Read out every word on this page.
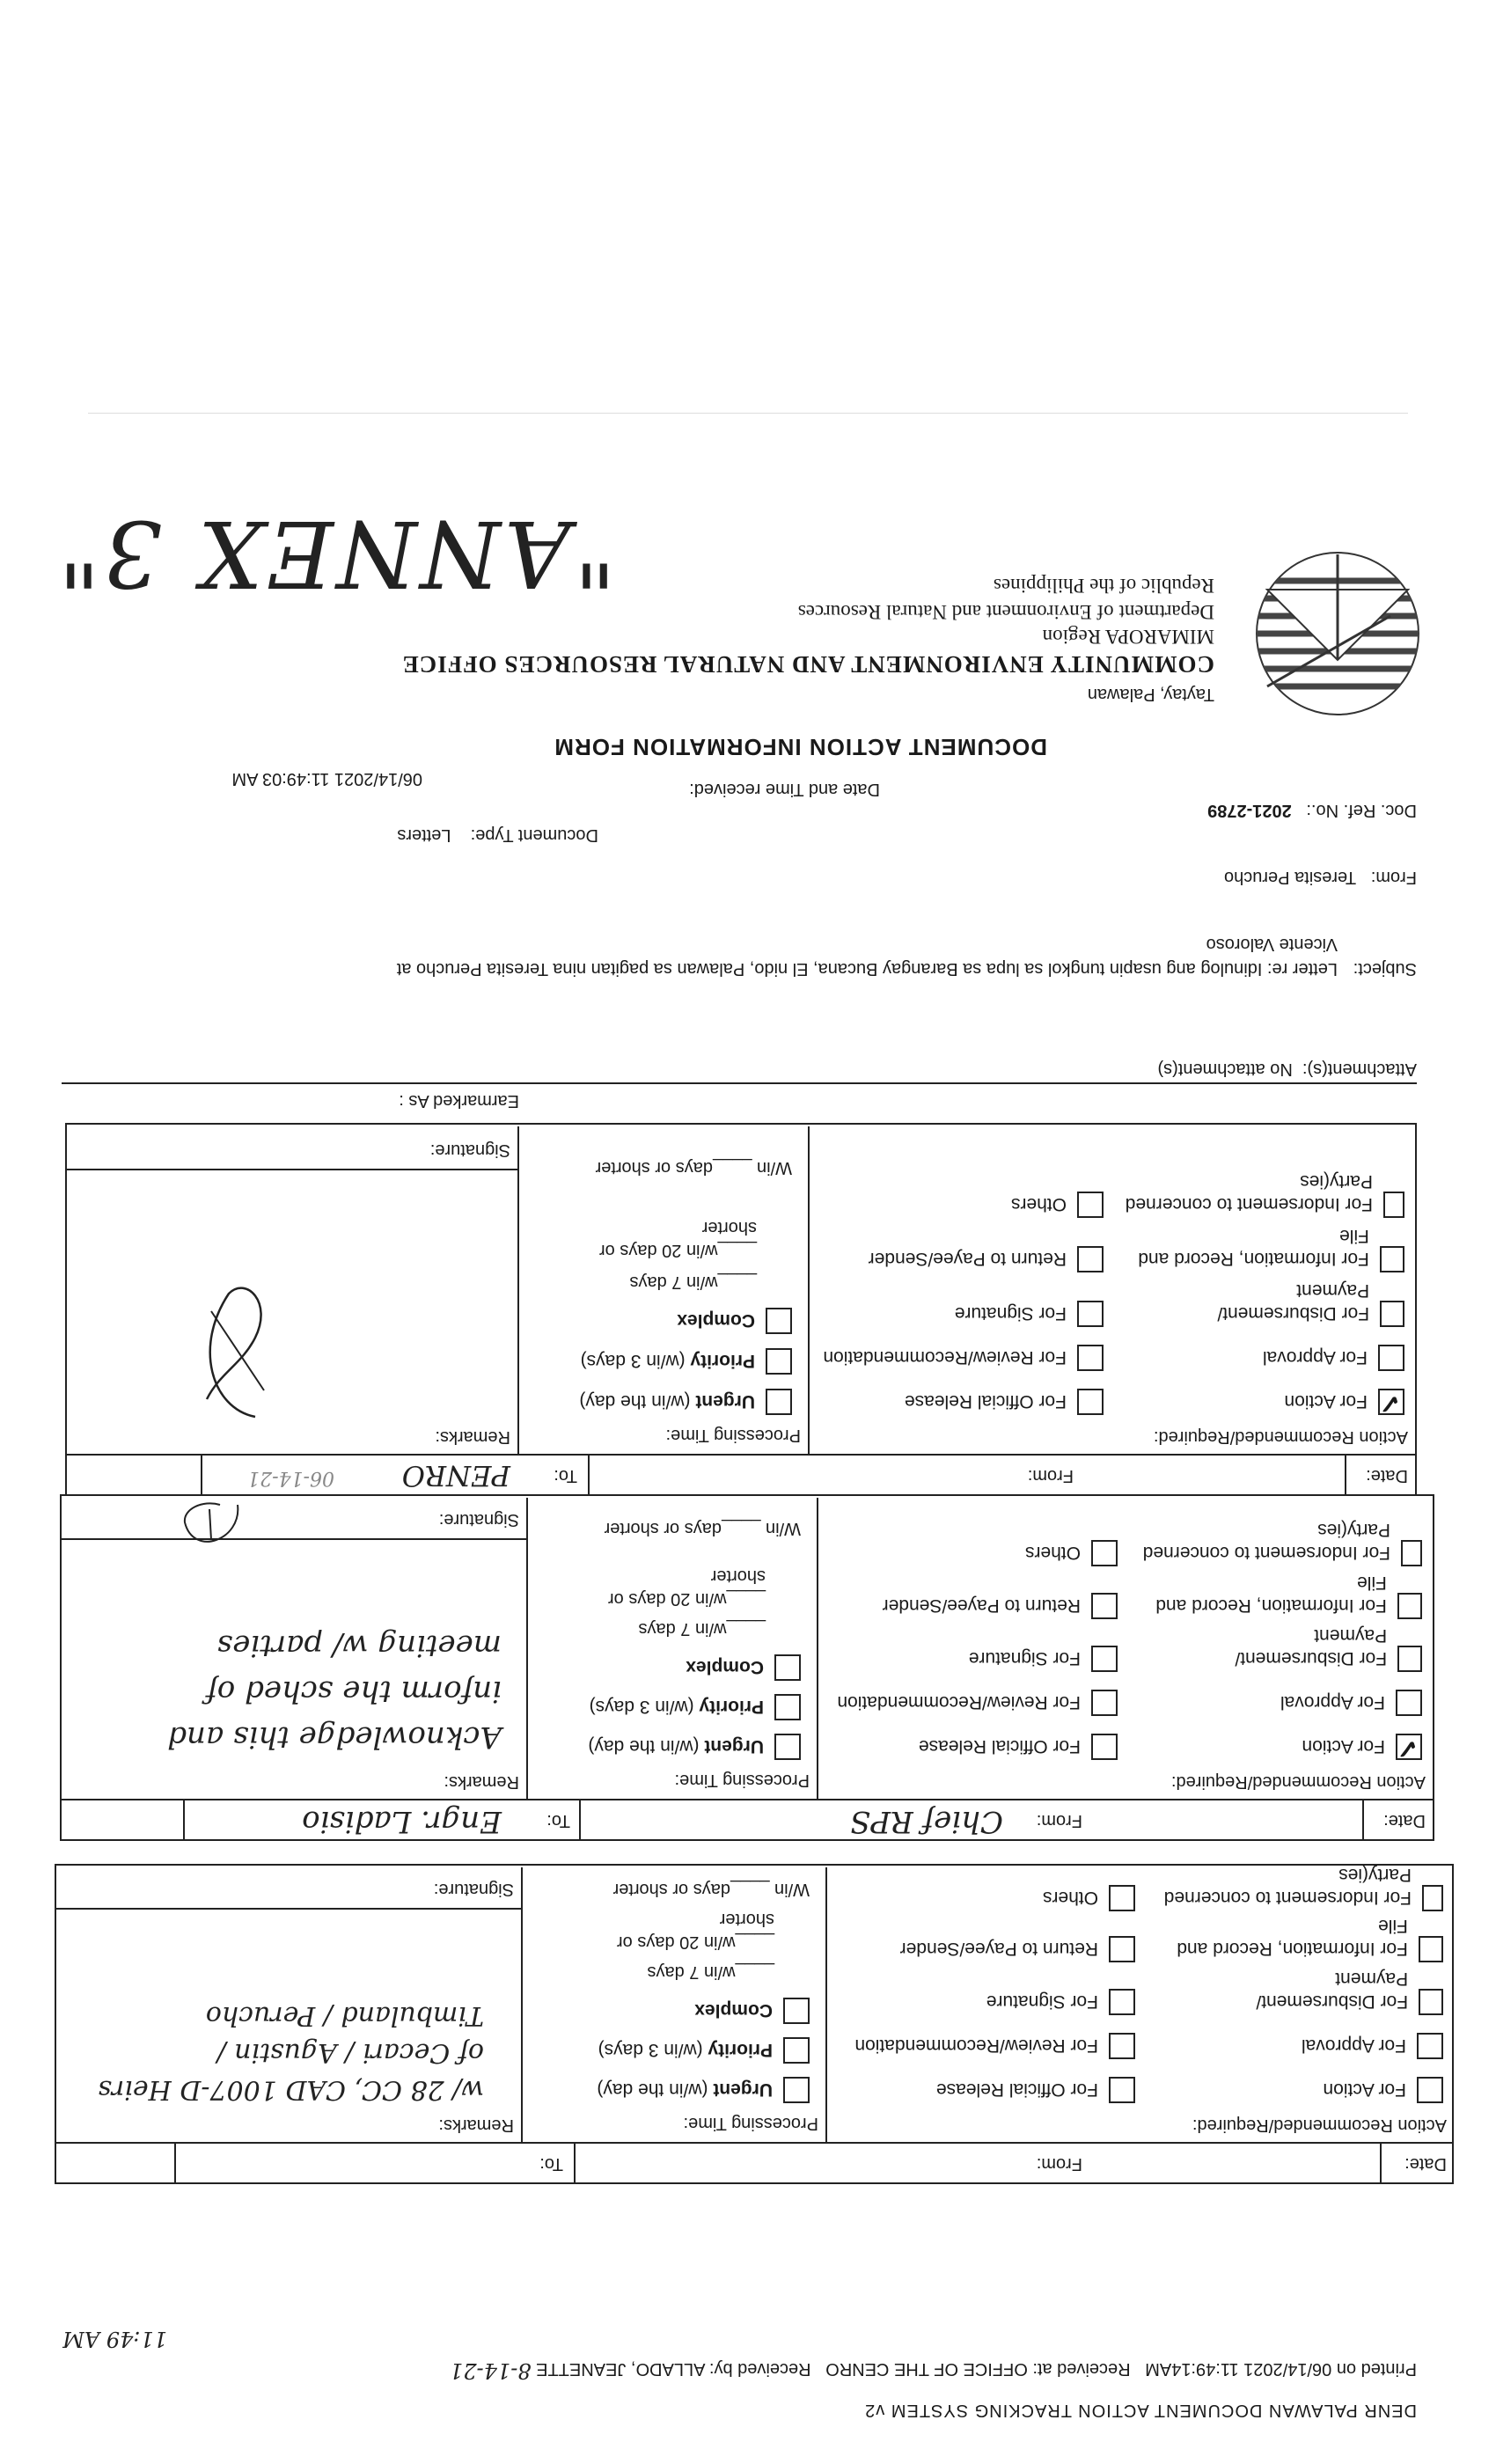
DENR PALAWAN DOCUMENT ACTION TRACKING SYSTEM v2
Printed on 06/14/2021 11:49:14AM   Received at: OFFICE OF THE CENRO   Received by: ALLADO, JEANETTE 8-14-21
11:49 AM
Date:
From:
To:
Action Recommended/Required:
For Action
For Approval
For Disbursement/ Payment
For Information, Record and File
For Indorsement to concerned Party(ies
For Official Release
For Review/Recommendation
For Signature
Return to Payee/Sender
Others
Processing Time:
Urgent (w/in the day)
Priority (w/in 3 days)
Complex
____w/in 7 days
____w/in 20 days or shorter
W/in ____days or shorter
Remarks:
Signature:
w/ 28 CC, CAD 1007-D Heirs of Cecari / Agustin / Timbuland / Perucho
Date:
From:
Chief RPS
To:
Engr. Ladisio
Action Recommended/Required:
✓
For Action
For Approval
For Disbursement/ Payment
For Information, Record and File
For Indorsement to concerned Party(ies
For Official Release
For Review/Recommendation
For Signature
Return to Payee/Sender
Others
Processing Time:
Urgent (w/in the day)
Priority (w/in 3 days)
Complex
____w/in 7 days
____w/in 20 days or shorter
W/in ____days or shorter
Remarks:
Acknowledge this and inform the sched of meeting w/ parties
Signature:
Date:
From:
To:
PENRO
06-14-21
Action Recommended/Required:
✓
For Action
For Approval
For Disbursement/ Payment
For Information, Record and File
For Indorsement to concerned Party(ies
For Official Release
For Review/Recommendation
For Signature
Return to Payee/Sender
Others
Processing Time:
Urgent (w/in the day)
Priority (w/in 3 days)
Complex
____w/in 7 days
____w/in 20 days or shorter
W/in ____days or shorter
Remarks:
Signature:
Earmarked As :
Attachment(s):  No attachment(s)
Subject:
Letter re: Idinulog ang usapin tungkol sa lupa sa Barangay Bucana, El nido, Palawan sa pagitan nina Teresita Perucho at
Vicente Valoroso
From:   Teresita Perucho
Document Type:    Letters
Doc. Ref. No.:   2021-2789
Date and Time received:
06/14/2021 11:49:03 AM
DOCUMENT ACTION INFORMATION FORM
Taytay, Palawan
COMMUNITY ENVIRONMENT AND NATURAL RESOURCES OFFICE
MIMAROPA Region
Department of Environment and Natural Resources
Republic of the Philippines
"ANNEX 3"
